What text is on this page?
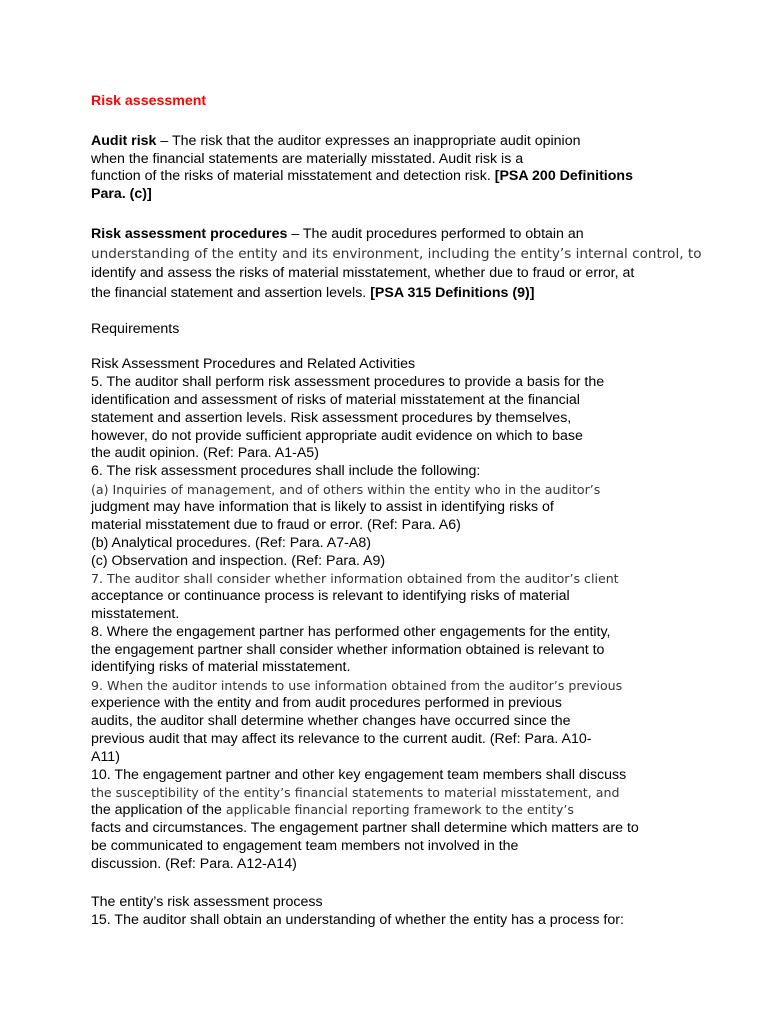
Risk assessment
Audit risk – The risk that the auditor expresses an inappropriate audit opinion
when the financial statements are materially misstated. Audit risk is a
function of the risks of material misstatement and detection risk. [PSA 200 Definitions
Para. (c)]
Risk assessment procedures – The audit procedures performed to obtain an
understanding of the entity and its environment, including the entity’s internal control, to
identify and assess the risks of material misstatement, whether due to fraud or error, at
the financial statement and assertion levels. [PSA 315 Definitions (9)]
Requirements
Risk Assessment Procedures and Related Activities
5. The auditor shall perform risk assessment procedures to provide a basis for the
identification and assessment of risks of material misstatement at the financial
statement and assertion levels. Risk assessment procedures by themselves,
however, do not provide sufficient appropriate audit evidence on which to base
the audit opinion. (Ref: Para. A1-A5)
6. The risk assessment procedures shall include the following:
(a) Inquiries of management, and of others within the entity who in the auditor’s
judgment may have information that is likely to assist in identifying risks of
material misstatement due to fraud or error. (Ref: Para. A6)
(b) Analytical procedures. (Ref: Para. A7-A8)
(c) Observation and inspection. (Ref: Para. A9)
7. The auditor shall consider whether information obtained from the auditor’s client
acceptance or continuance process is relevant to identifying risks of material
misstatement.
8. Where the engagement partner has performed other engagements for the entity,
the engagement partner shall consider whether information obtained is relevant to
identifying risks of material misstatement.
9. When the auditor intends to use information obtained from the auditor’s previous
experience with the entity and from audit procedures performed in previous
audits, the auditor shall determine whether changes have occurred since the
previous audit that may affect its relevance to the current audit. (Ref: Para. A10-
A11)
10. The engagement partner and other key engagement team members shall discuss
the susceptibility of the entity’s financial statements to material misstatement, and
the application of the applicable financial reporting framework to the entity’s
facts and circumstances. The engagement partner shall determine which matters are to
be communicated to engagement team members not involved in the
discussion. (Ref: Para. A12-A14)
The entity’s risk assessment process
15. The auditor shall obtain an understanding of whether the entity has a process for:
